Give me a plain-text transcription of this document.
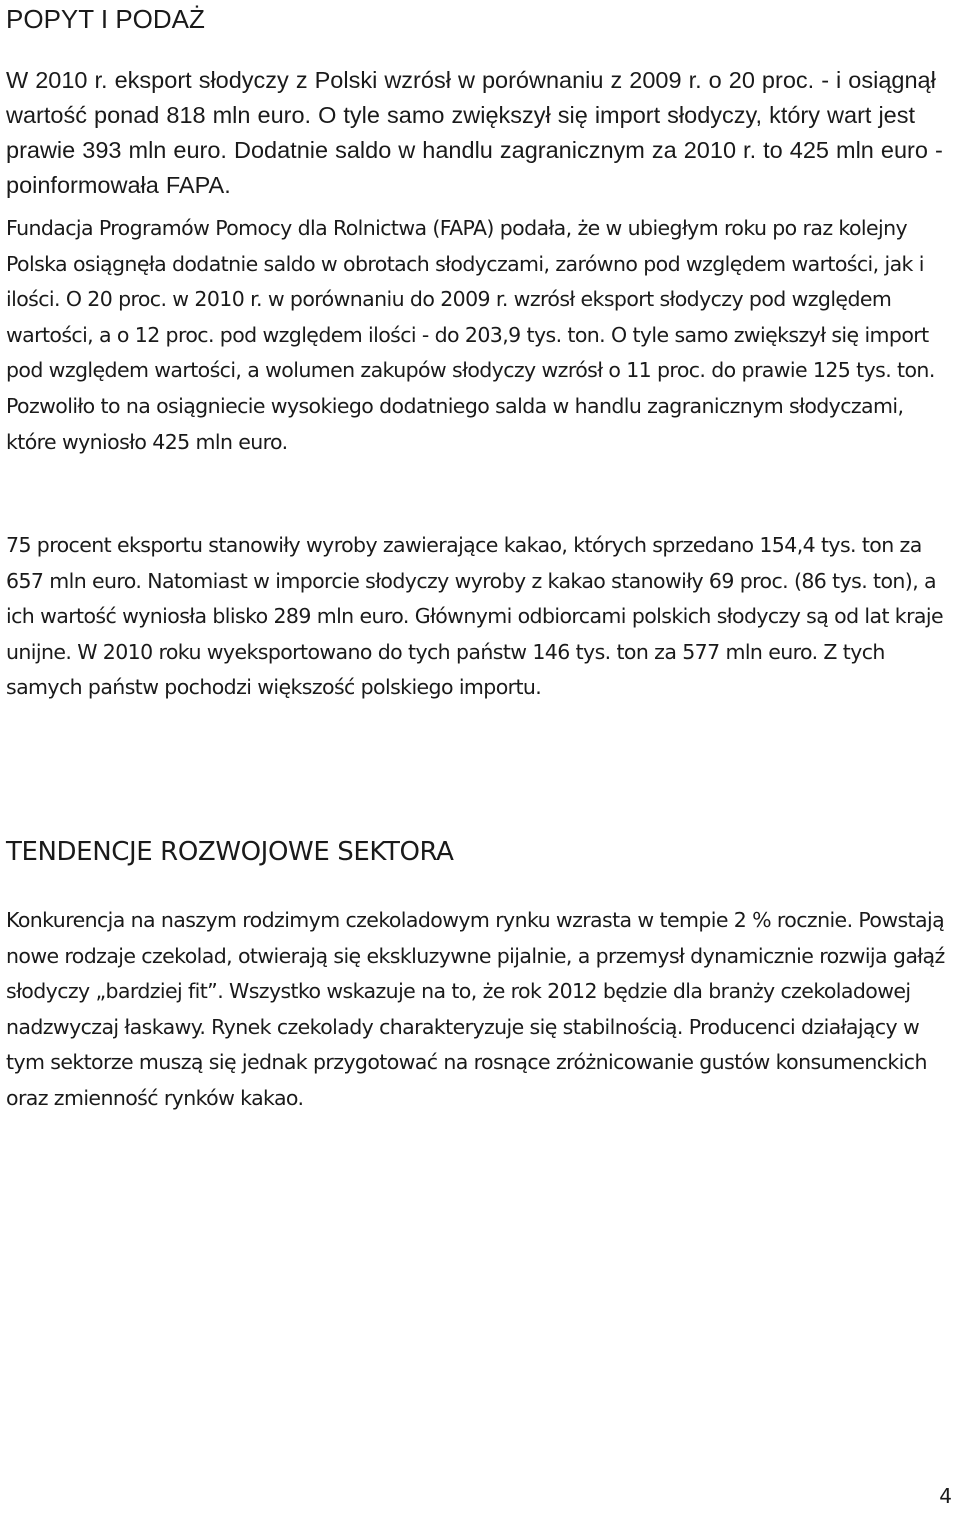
POPYT I PODAŻ

W 2010 r. eksport słodyczy z Polski wzrósł w porównaniu z 2009 r. o 20 proc. - i osiągnął wartość ponad 818 mln euro. O tyle samo zwiększył się import słodyczy, który wart jest prawie 393 mln euro. Dodatnie saldo w handlu zagranicznym za 2010 r. to 425 mln euro - poinformowała FAPA.

Fundacja Programów Pomocy dla Rolnictwa (FAPA) podała, że w ubiegłym roku po raz kolejny Polska osiągnęła dodatnie saldo w obrotach słodyczami, zarówno pod względem wartości, jak i ilości. O 20 proc. w 2010 r. w porównaniu do 2009 r. wzrósł eksport słodyczy pod względem wartości, a o 12 proc. pod względem ilości - do 203,9 tys. ton. O tyle samo zwiększył się import pod względem wartości, a wolumen zakupów słodyczy wzrósł o 11 proc. do prawie 125 tys. ton. Pozwoliło to na osiągniecie wysokiego dodatniego salda w handlu zagranicznym słodyczami, które wyniosło 425 mln euro.

75 procent eksportu stanowiły wyroby zawierające kakao, których sprzedano 154,4 tys. ton za 657 mln euro. Natomiast w imporcie słodyczy wyroby z kakao stanowiły 69 proc. (86 tys. ton), a ich wartość wyniosła blisko 289 mln euro. Głównymi odbiorcami polskich słodyczy są od lat kraje unijne. W 2010 roku wyeksportowano do tych państw 146 tys. ton za 577 mln euro. Z tych samych państw pochodzi większość polskiego importu.

TENDENCJE ROZWOJOWE SEKTORA

Konkurencja na naszym rodzimym czekoladowym rynku wzrasta w tempie 2 % rocznie. Powstają nowe rodzaje czekolad, otwierają się ekskluzywne pijalnie, a przemysł dynamicznie rozwija gałąź słodyczy „bardziej fit”. Wszystko wskazuje na to, że rok 2012 będzie dla branży czekoladowej nadzwyczaj łaskawy. Rynek czekolady charakteryzuje się stabilnością. Producenci działający w tym sektorze muszą się jednak przygotować na rosnące zróżnicowanie gustów konsumenckich oraz zmienność rynków kakao.

4
